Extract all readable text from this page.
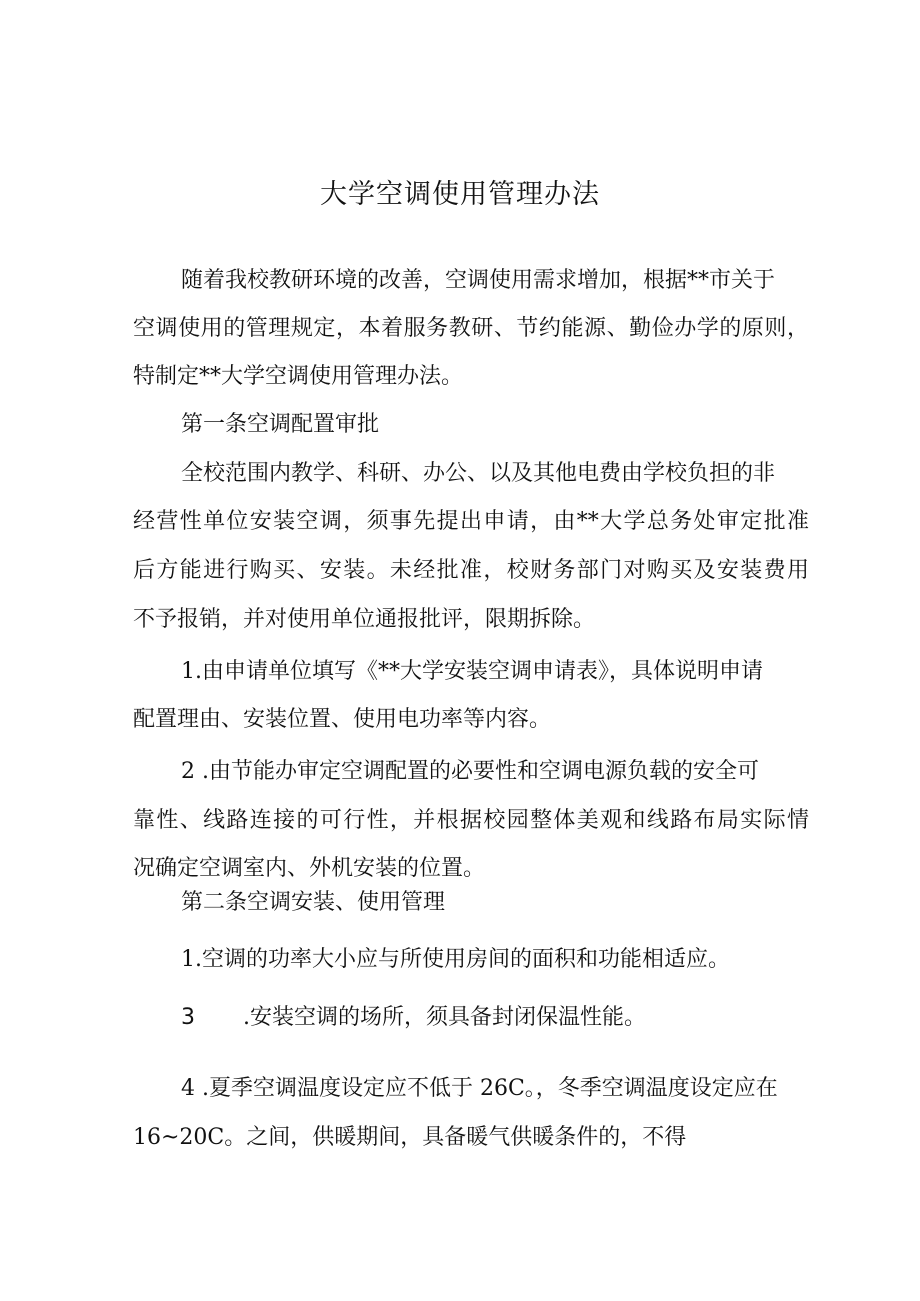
大学空调使用管理办法
随着我校教研环境的改善，空调使用需求增加，根据**市关于
空调使用的管理规定，本着服务教研、节约能源、勤俭办学的原则，
特制定**大学空调使用管理办法。
第一条空调配置审批
全校范围内教学、科研、办公、以及其他电费由学校负担的非
经营性单位安装空调，须事先提出申请，由**大学总务处审定批准
后方能进行购买、安装。未经批准，校财务部门对购买及安装费用
不予报销，并对使用单位通报批评，限期拆除。
1.由申请单位填写《**大学安装空调申请表》，具体说明申请
配置理由、安装位置、使用电功率等内容。
2 .由节能办审定空调配置的必要性和空调电源负载的安全可
靠性、线路连接的可行性，并根据校园整体美观和线路布局实际情
况确定空调室内、外机安装的位置。
第二条空调安装、使用管理
1.空调的功率大小应与所使用房间的面积和功能相适应。
3 .安装空调的场所，须具备封闭保温性能。
4 .夏季空调温度设定应不低于 26C。，冬季空调温度设定应在
16~20C。之间，供暖期间，具备暖气供暖条件的，不得
